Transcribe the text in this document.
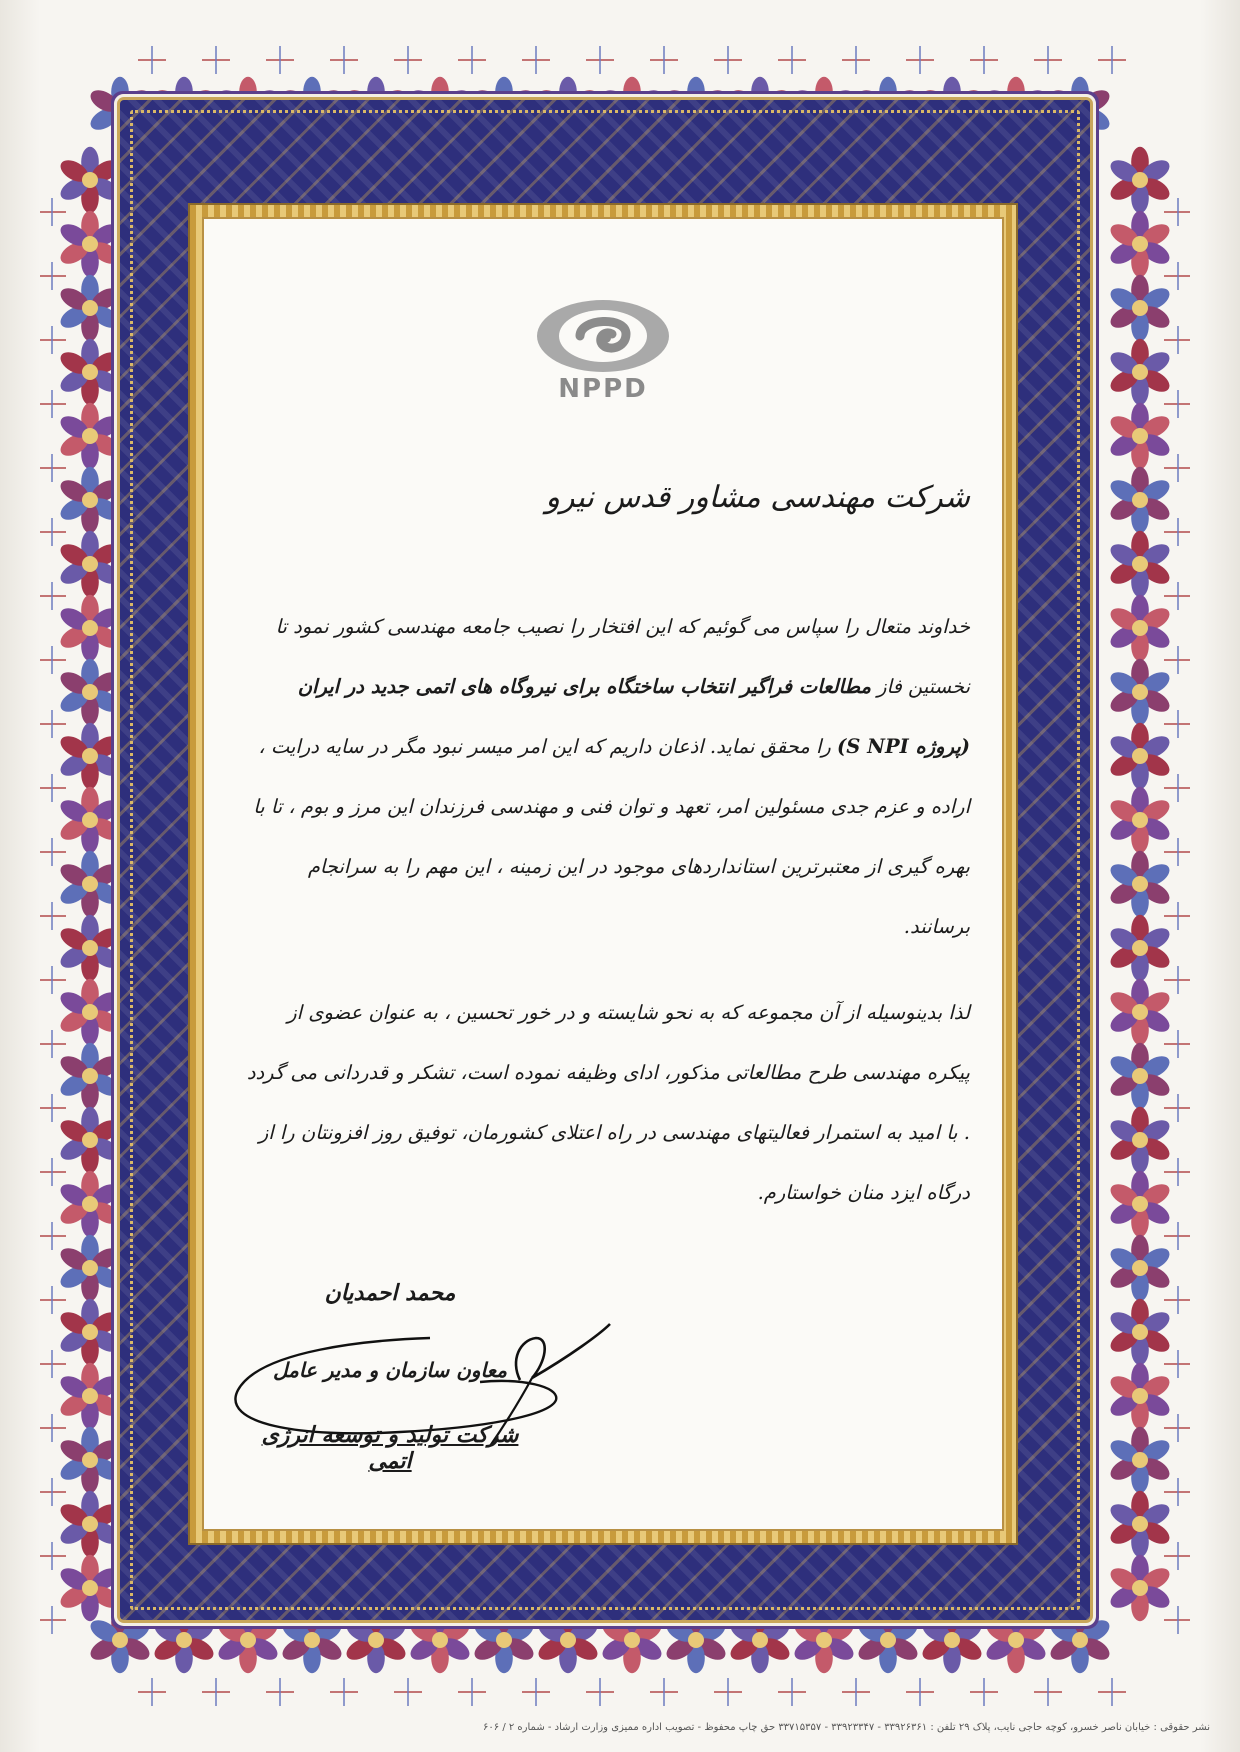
NPPD

شرکت مهندسی مشاور قدس نیرو

خداوند متعال را سپاس می گوئیم که این افتخار را نصیب جامعه مهندسی کشور نمود تا نخستین فاز مطالعات فراگیر انتخاب ساختگاه برای نیروگاه های اتمی جدید در ایران (پروژه S NPI) را محقق نماید. اذعان داریم که این امر میسر نبود مگر در سایه درایت ، اراده و عزم جدی مسئولین امر، تعهد و توان فنی و مهندسی فرزندان این مرز و بوم ، تا با بهره گیری از معتبرترین استانداردهای موجود در این زمینه ، این مهم را به سرانجام برسانند.

لذا بدینوسیله از آن مجموعه که به نحو شایسته و در خور تحسین ، به عنوان عضوی از پیکره مهندسی طرح مطالعاتی مذکور، ادای وظیفه نموده است، تشکر و قدردانی می گردد . با امید به استمرار فعالیتهای مهندسی در راه اعتلای کشورمان، توفیق روز افزونتان را از درگاه ایزد منان خواستارم.

محمد احمدیان

معاون سازمان و مدیر عامل

شرکت تولید و توسعه انرژی اتمی

نشر حقوقی : خیابان ناصر خسرو، کوچه حاجی نایب، پلاک ۲۹ تلفن : ۳۳۹۲۶۳۶۱ - ۳۳۹۲۳۳۴۷ - ۳۳۷۱۵۳۵۷ حق چاپ محفوظ - تصویب اداره ممیزی وزارت ارشاد - شماره ۲ / ۶۰۶
